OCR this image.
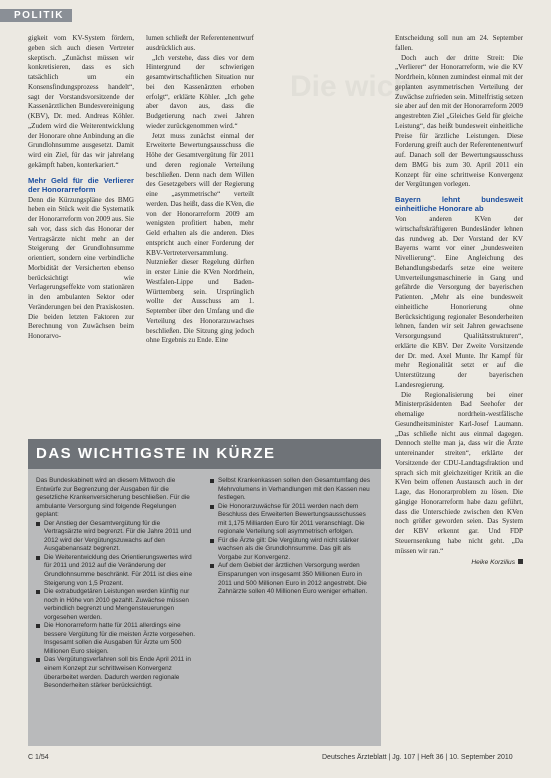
POLITIK
Die wich

gigkeit vom KV-System fördern, geben sich auch diesen Vertreter skeptisch. „Zunächst müssen wir konkretisieren, dass es sich tatsächlich um ein Konsensfindungsprozess handelt“, sagt der Vorstandsvorsitzende der Kassenärztlichen Bundesvereinigung (KBV), Dr. med. Andreas Köhler. „Zudem wird die Weiterentwicklung der Honorare ohne Anbindung an die Grundlohnsumme ausgesetzt. Damit wird ein Ziel, für das wir jahrelang gekämpft haben, konterkariert.“

Mehr Geld für die Verlierer der Honorarreform

Denn die Kürzungspläne des BMG heben ein Stück weit die Systematik der Honorarreform von 2009 aus. Sie sah vor, dass sich das Honorar der Vertragsärzte nicht mehr an der Steigerung der Grundlohnsumme orientiert, sondern eine verbindliche Morbidität der Versicherten ebenso berücksichtigt wie Verlagerungseffekte vom stationären in den ambulanten Sektor oder Veränderungen bei den Praxiskosten. Die beiden letzten Faktoren zur Berechnung von Zuwächsen beim Honorarvo-

lumen schließt der Referentenentwurf ausdrücklich aus.

„Ich verstehe, dass dies vor dem Hintergrund der schwierigen gesamtwirtschaftlichen Situation nur bei den Kassenärzten erhoben erfolgt“, erklärte Köhler. „Ich gehe aber davon aus, dass die Budgetierung nach zwei Jahren wieder zurückgenommen wird.“

Jetzt muss zunächst einmal der Erweiterte Bewertungsausschuss die Höhe der Gesamtvergütung für 2011 und deren regionale Verteilung beschließen. Denn nach dem Willen des Gesetzgebers will der Regierung eine „asymmetrische“ verteilt werden. Das heißt, dass die KVen, die von der Honorarreform 2009 am wenigsten profitiert haben, mehr Geld erhalten als die anderen. Dies entspricht auch einer Forderung der KBV-Vertreterversammlung. Nutznießer dieser Regelung dürften in erster Linie die KVen Nordrhein, Westfalen-Lippe und Baden-Württemberg sein. Ursprünglich wollte der Ausschuss am 1. September über den Umfang und die Verteilung des Honorarzuwachses beschließen. Die Sitzung ging jedoch ohne Ergebnis zu Ende. Eine

Entscheidung soll nun am 24. September fallen.

Doch auch der dritte Streit: Die „Verlierer“ der Honorarreform, wie die KV Nordrhein, können zumindest einmal mit der geplanten asymmetrischen Verteilung der Zuwächse zufrieden sein. Mittelfristig setzen sie aber auf den mit der Honorarreform 2009 angestrebten Ziel „Gleiches Geld für gleiche Leistung“, das heißt bundesweit einheitliche Preise für ärztliche Leistungen. Diese Forderung greift auch der Referentenentwurf auf. Danach soll der Bewertungsausschuss dem BMG bis zum 30. April 2011 ein Konzept für eine schrittweise Konvergenz der Vergütungen vorlegen.

Bayern lehnt bundesweit einheitliche Honorare ab

Von anderen KVen der wirtschaftskräftigeren Bundesländer lehnen das rundweg ab. Der Vorstand der KV Bayerns warnt vor einer „bundesweiten Nivellierung“. Eine Angleichung des Behandlungsbedarfs setze eine weitere Umverteilungsmaschinerie in Gang und gefährde die Versorgung der bayerischen Patienten. „Mehr als eine bundesweit einheitliche Honorierung ohne Berücksichtigung regionaler Besonderheiten lehnen, fanden wir seit Jahren gewachsene Versorgungsund Qualitätsstrukturen“, erklärte die KBV. Der Zweite Vorsitzende der Dr. med. Axel Munte. Ihr Kampf für mehr Regionalität setzt er auf die Unterstützung der bayerischen Landesregierung.

Die Regionalisierung bei einer Ministerpräsidenten Bad Seehofer der ehemalige nordrhein-westfälische Gesundheitsminister Karl-Josef Laumann. „Das schließe nicht aus einmal dagegen. Dennoch stellte man ja, dass wir die Ärzte untereinander streiten“, erklärte der Vorsitzende der CDU-Landtagsfraktion und sprach sich mit gleichzeitiger Kritik an die KVen beim offenen Austausch auch in der Lage, das Honorarproblem zu lösen. Die gängige Honorarreform habe dazu geführt, dass die Unterschiede zwischen den KVen noch größer geworden seien. Das System der KBV erkennt gar. Und FDP Steuernsenkung habe nicht geht. „Da müssen wir ran.“

Heike Korzilius
DAS WICHTIGSTE IN KÜRZE

Das Bundeskabinett wird an diesem Mittwoch die Entwürfe zur Begrenzung der Ausgaben für die gesetzliche Krankenversicherung beschließen. Für die ambulante Versorgung sind folgende Regelungen geplant:

Der Anstieg der Gesamtvergütung für die Vertragsärzte wird begrenzt. Für die Jahre 2011 und 2012 wird der Vergütungszuwachs auf den Ausgabenansatz begrenzt.
Die Weiterentwicklung des Orientierungswertes wird für 2011 und 2012 auf die Veränderung der Grundlohnsumme beschränkt. Für 2011 ist dies eine Steigerung von 1,5 Prozent.
Die extrabudgetären Leistungen werden künftig nur noch in Höhe von 2010 gezahlt. Zuwächse müssen verbindlich begrenzt und Mengensteuerungen vorgesehen werden.
Die Honorarreform hatte für 2011 allerdings eine bessere Vergütung für die meisten Ärzte vorgesehen. Insgesamt sollen die Ausgaben für Ärzte um 500 Millionen Euro steigen.
Das Vergütungsverfahren soll bis Ende April 2011 in einem Konzept zur schrittweisen Konvergenz überarbeitet werden. Dadurch werden regionale Besonderheiten stärker berücksichtigt.
Selbst Krankenkassen sollen den Gesamtumfang des Mehrvolumens in Verhandlungen mit den Kassen neu festlegen.
Die Honorarzuwächse für 2011 werden nach dem Beschluss des Erweiterten Bewertungsausschusses mit 1,175 Milliarden Euro für 2011 veranschlagt. Die regionale Verteilung soll asymmetrisch erfolgen.
Für die Ärzte gilt: Die Vergütung wird nicht stärker wachsen als die Grundlohnsumme. Das gilt als Vorgabe zur Konvergenz.
Auf dem Gebiet der ärztlichen Versorgung werden Einsparungen von insgesamt 350 Millionen Euro in 2011 und 500 Millionen Euro in 2012 angestrebt. Die Zahnärzte sollen 40 Millionen Euro weniger erhalten.
C 1/54	Deutsches Ärzteblatt | Jg. 107 | Heft 36 | 10. September 2010
